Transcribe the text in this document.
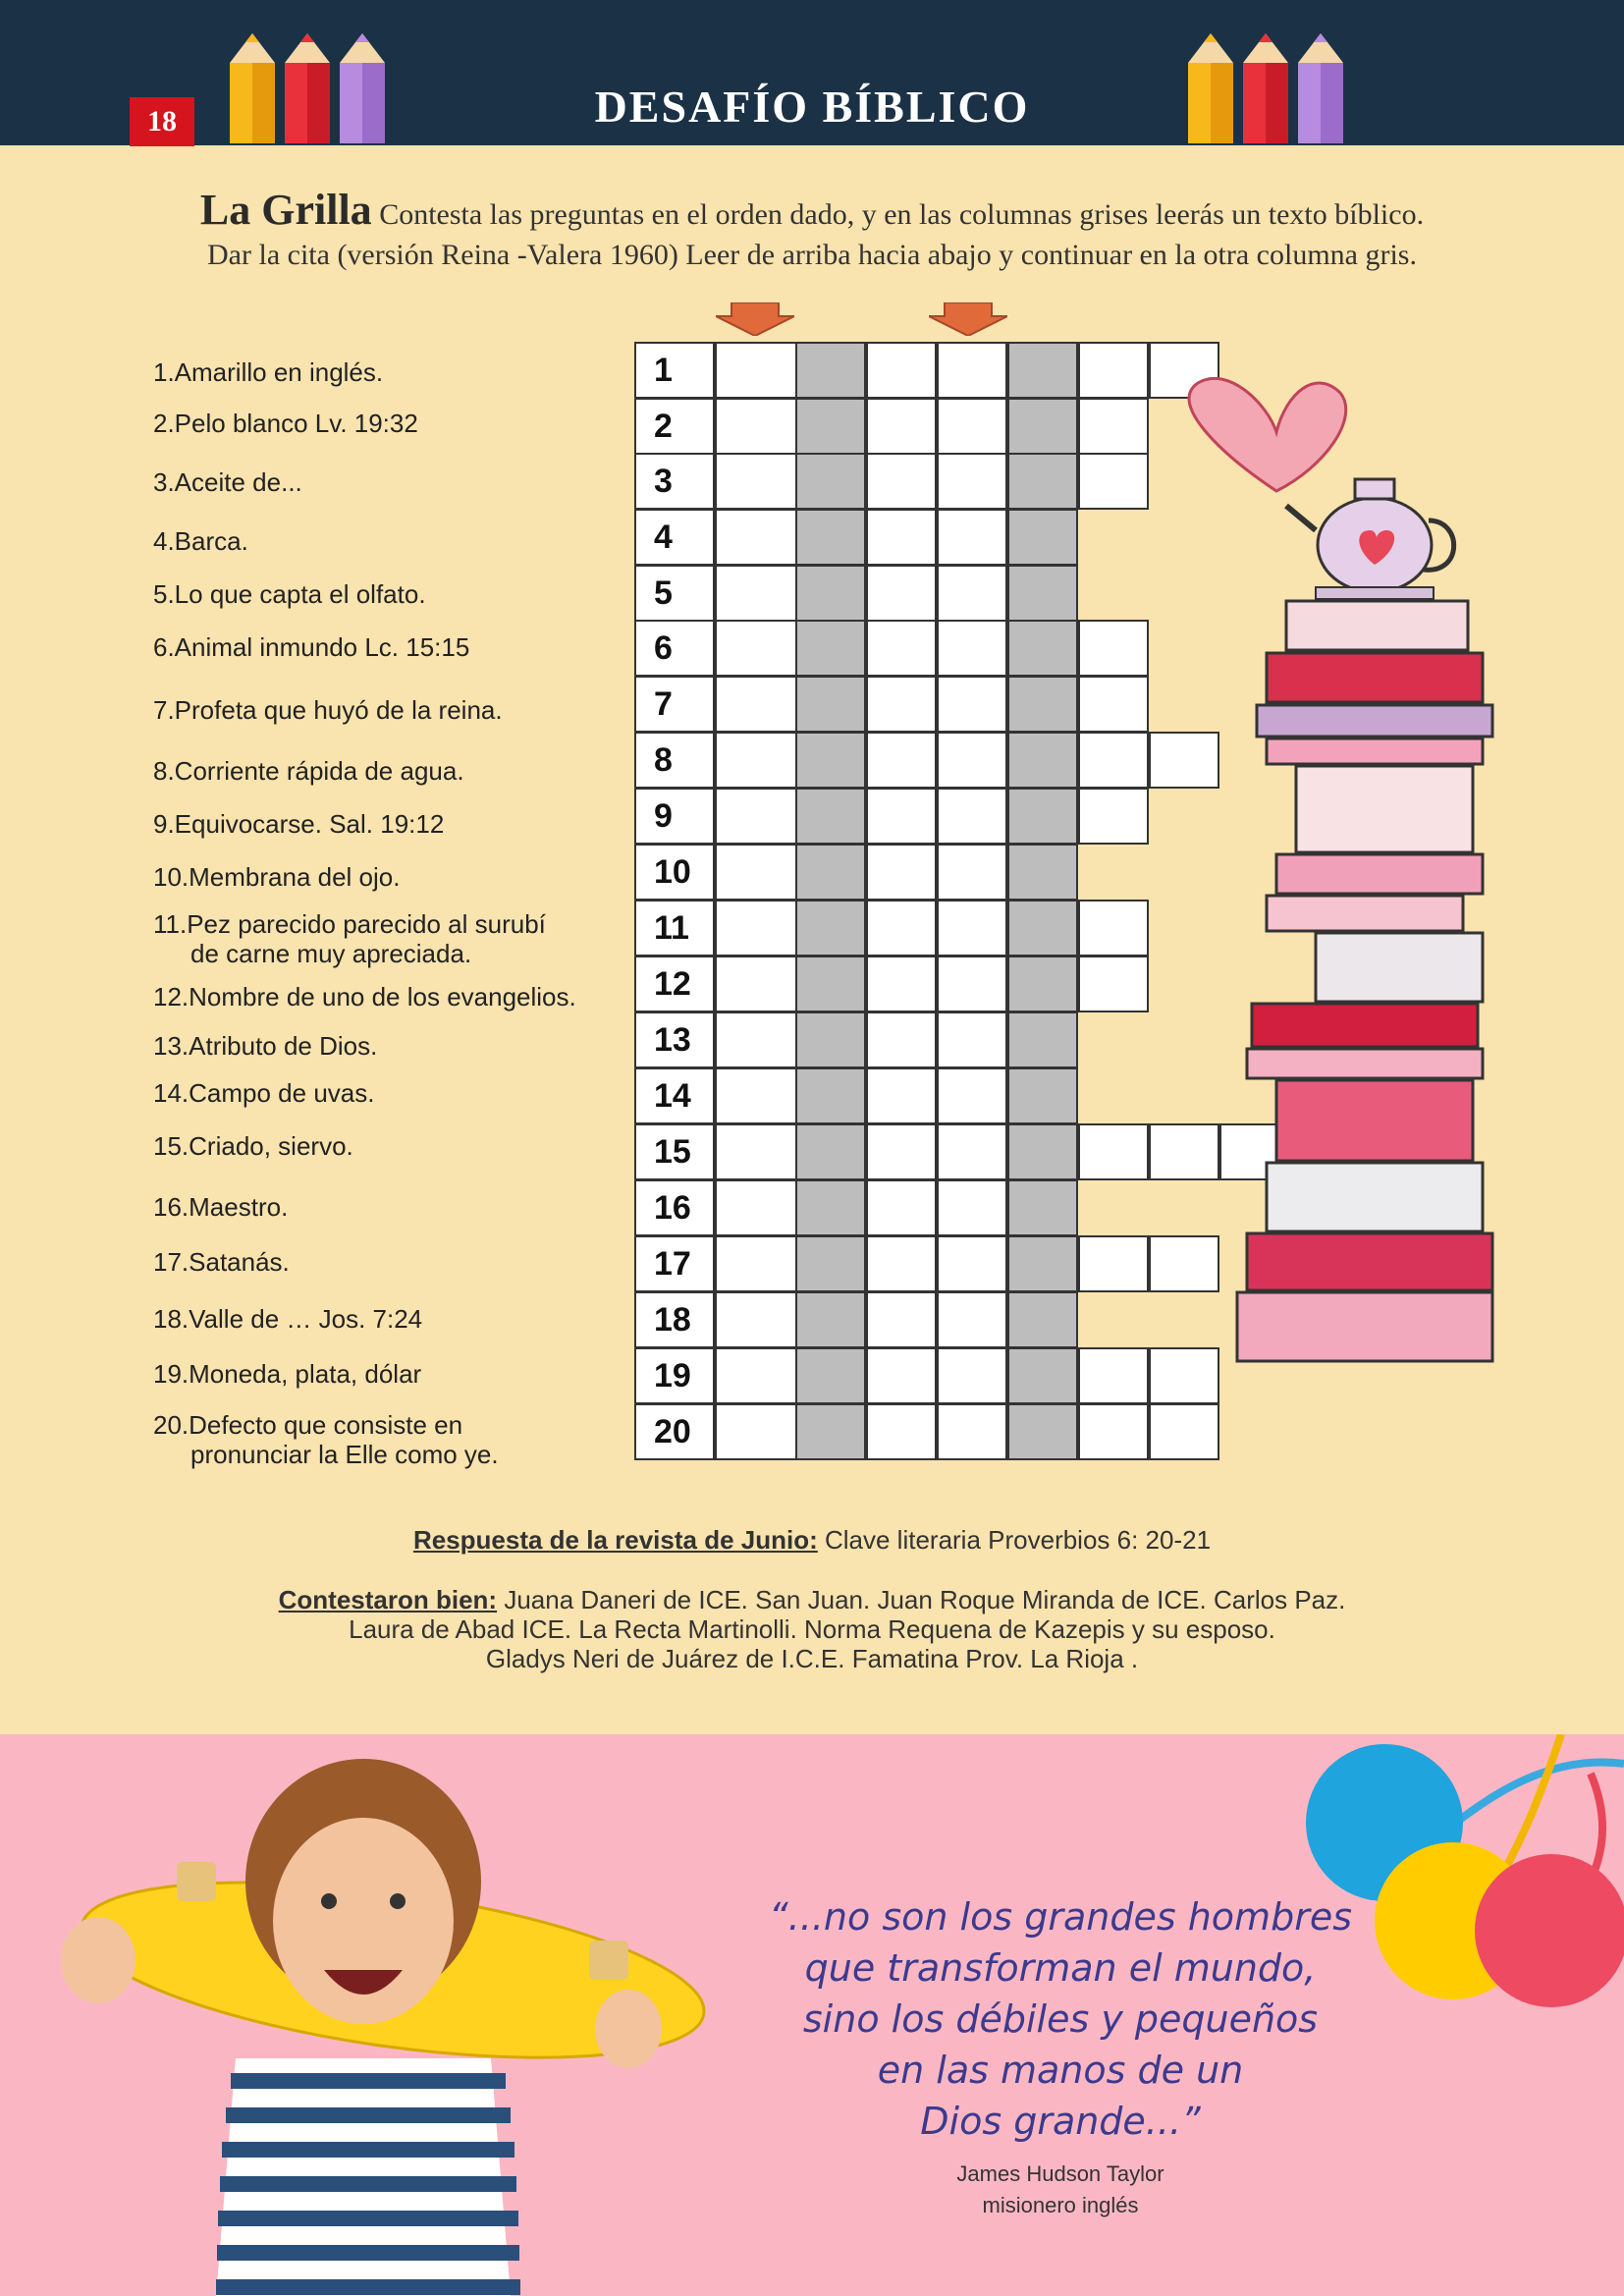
18	DESAFÍO BÍBLICO
La Grilla Contesta las preguntas en el orden dado, y en las columnas grises leerás un texto bíblico.
Dar la cita (versión Reina -Valera 1960) Leer de arriba hacia abajo y continuar en la otra columna gris.
1.Amarillo en inglés.
2.Pelo blanco Lv. 19:32
3.Aceite de...
4.Barca.
5.Lo que capta el olfato.
6.Animal inmundo Lc. 15:15
7.Profeta que huyó de la reina.
8.Corriente rápida de agua.
9.Equivocarse. Sal. 19:12
10.Membrana del ojo.
11.Pez parecido parecido al surubí
de carne muy apreciada.
12.Nombre de uno de los evangelios.
13.Atributo de Dios.
14.Campo de uvas.
15.Criado, siervo.
16.Maestro.
17.Satanás.
18.Valle de … Jos. 7:24
19.Moneda, plata, dólar
20.Defecto que consiste en
pronunciar la Elle como ye.
1
2
3
4
5
6
7
8
9
10
11
12
13
14
15
16
17
18
19
20
Respuesta de la revista de Junio: Clave literaria Proverbios 6: 20-21
Contestaron bien: Juana Daneri de ICE. San Juan. Juan Roque Miranda de ICE. Carlos Paz.
Laura de Abad ICE. La Recta Martinolli. Norma Requena de Kazepis y su esposo.
Gladys Neri de Juárez de I.C.E. Famatina Prov. La Rioja .
“...no son los grandes hombres
que transforman el mundo,
sino los débiles y pequeños
en las manos de un
Dios grande...”
James Hudson Taylor
misionero inglés
